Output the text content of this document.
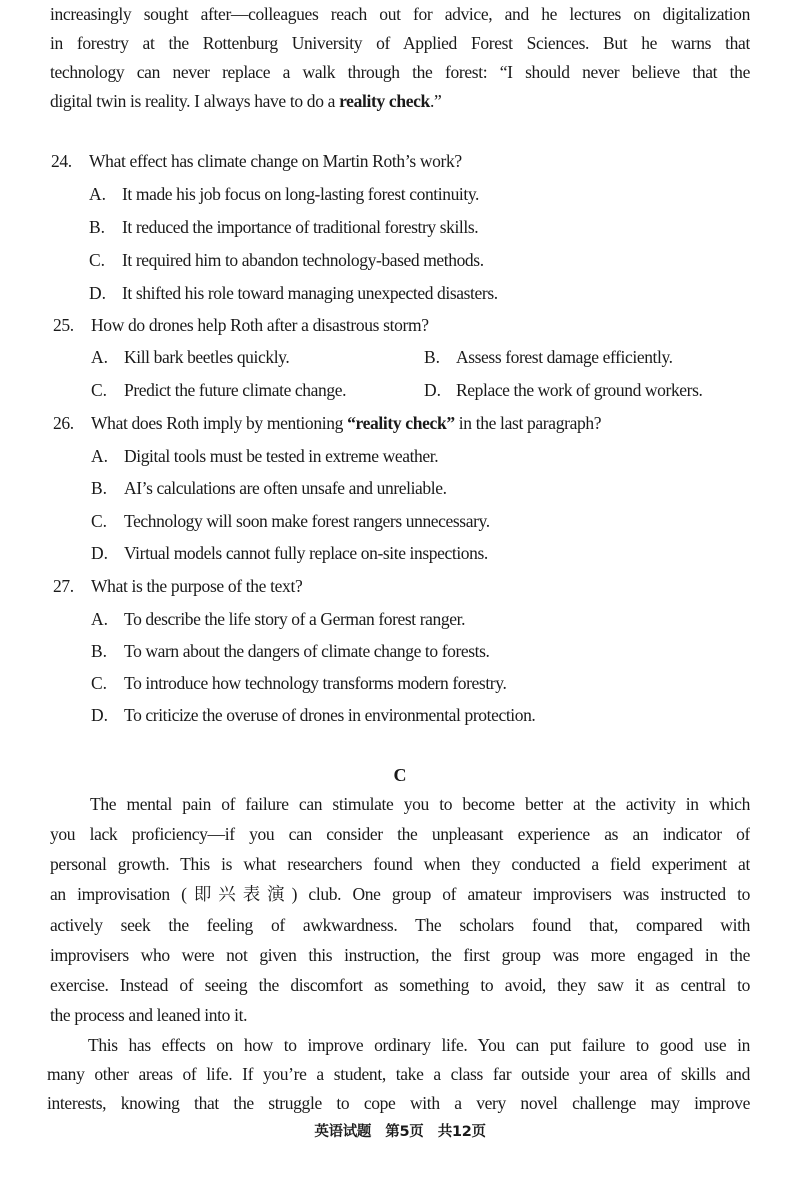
increasingly sought after—colleagues reach out for advice, and he lectures on digitalization
in forestry at the Rottenburg University of Applied Forest Sciences. But he warns that
technology can never replace a walk through the forest: “I should never believe that the
digital twin is reality. I always have to do a reality check.”
24. What effect has climate change on Martin Roth’s work?
A. It made his job focus on long-lasting forest continuity.
B. It reduced the importance of traditional forestry skills.
C. It required him to abandon technology-based methods.
D. It shifted his role toward managing unexpected disasters.
25. How do drones help Roth after a disastrous storm?
A. Kill bark beetles quickly.	B. Assess forest damage efficiently.
C. Predict the future climate change.	D. Replace the work of ground workers.
26. What does Roth imply by mentioning “reality check” in the last paragraph?
A. Digital tools must be tested in extreme weather.
B. AI’s calculations are often unsafe and unreliable.
C. Technology will soon make forest rangers unnecessary.
D. Virtual models cannot fully replace on-site inspections.
27. What is the purpose of the text?
A. To describe the life story of a German forest ranger.
B. To warn about the dangers of climate change to forests.
C. To introduce how technology transforms modern forestry.
D. To criticize the overuse of drones in environmental protection.
C
The mental pain of failure can stimulate you to become better at the activity in which
you lack proficiency—if you can consider the unpleasant experience as an indicator of
personal growth. This is what researchers found when they conducted a field experiment at
an improvisation (即兴表演) club. One group of amateur improvisers was instructed to
actively seek the feeling of awkwardness. The scholars found that, compared with
improvisers who were not given this instruction, the first group was more engaged in the
exercise. Instead of seeing the discomfort as something to avoid, they saw it as central to
the process and leaned into it.
This has effects on how to improve ordinary life. You can put failure to good use in
many other areas of life. If you’re a student, take a class far outside your area of skills and
interests, knowing that the struggle to cope with a very novel challenge may improve
英语试题　第5页　共12页
